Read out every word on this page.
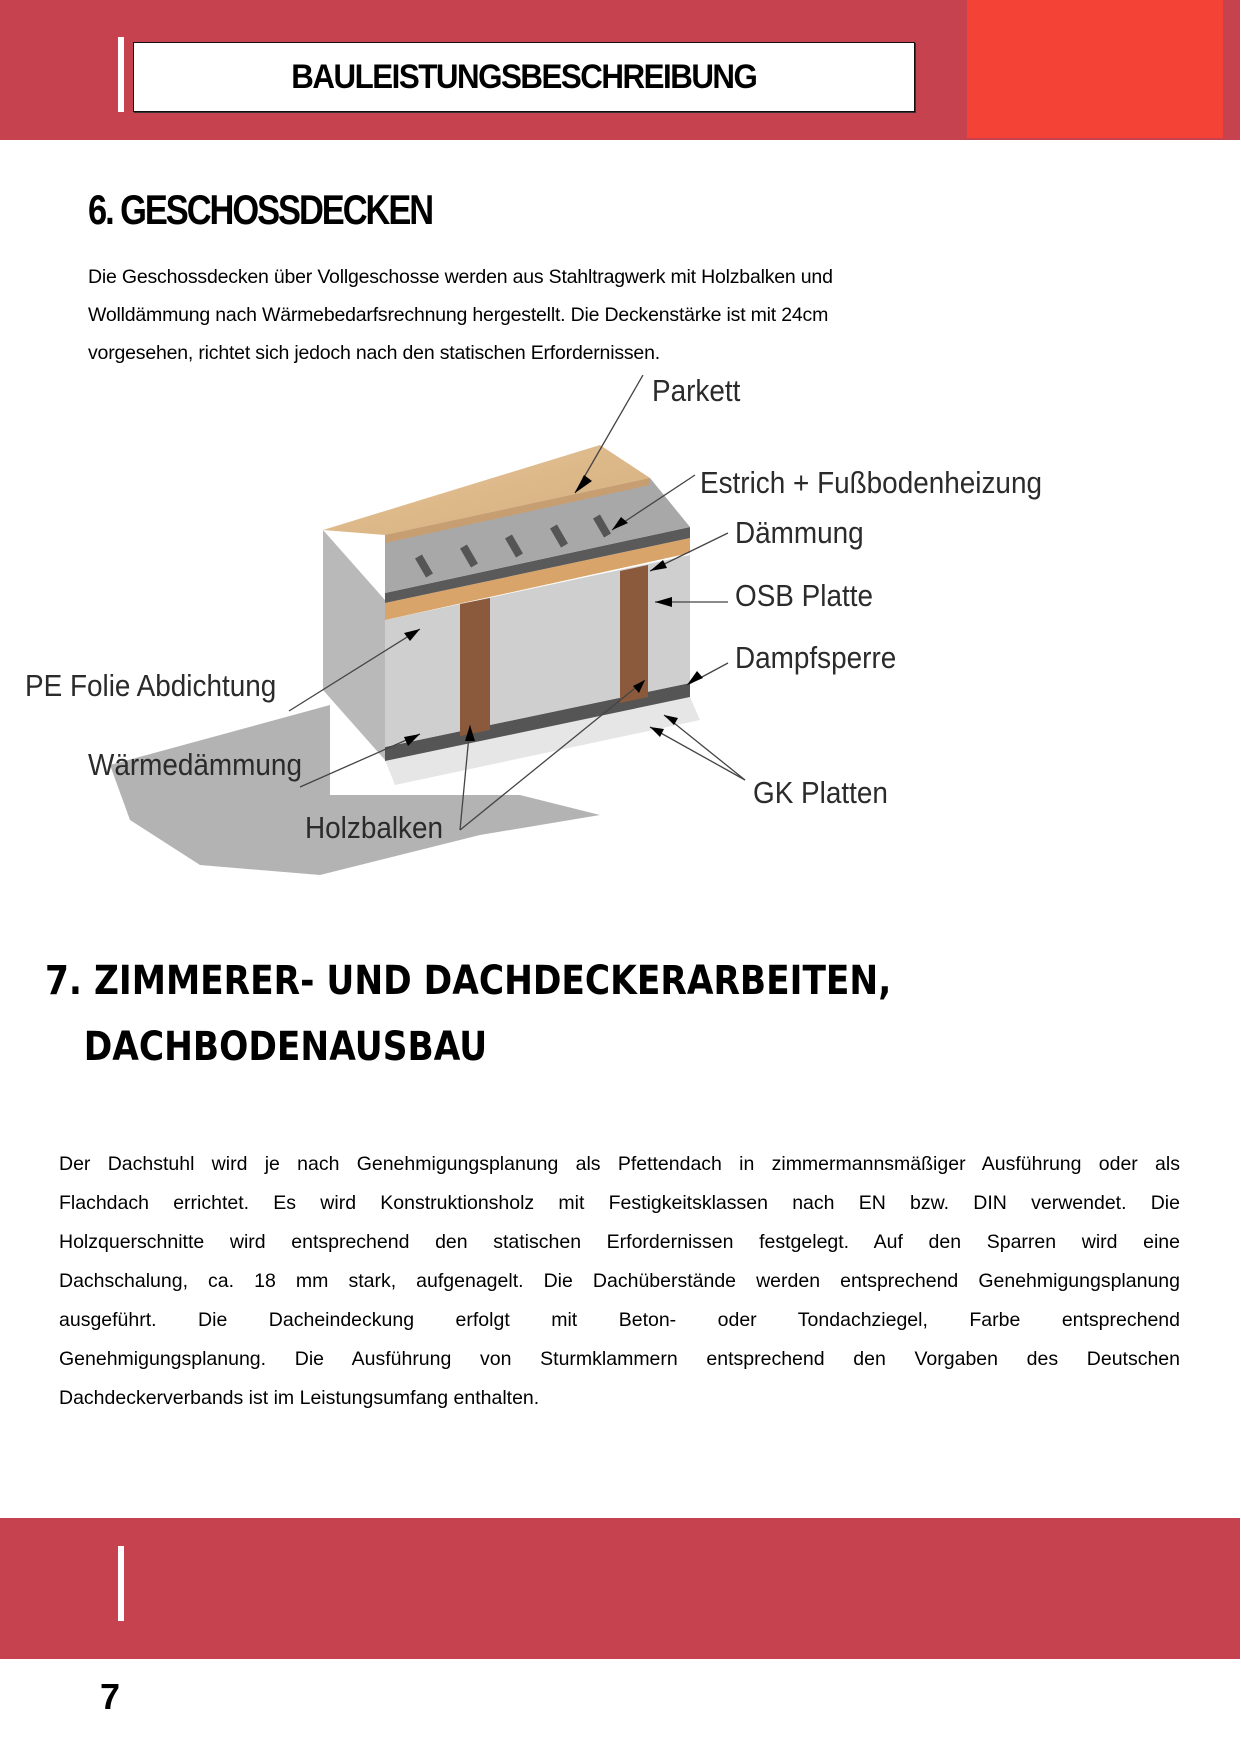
BAULEISTUNGSBESCHREIBUNG
6. GESCHOSSDECKEN
Die Geschossdecken über Vollgeschosse werden aus Stahltragwerk mit Holzbalken und
Wolldämmung nach Wärmebedarfsrechnung hergestellt. Die Deckenstärke ist mit 24cm
vorgesehen, richtet sich jedoch nach den statischen Erfordernissen.
Parkett
Estrich + Fußbodenheizung
Dämmung
OSB Platte
Dampfsperre
PE Folie Abdichtung
Wärmedämmung
Holzbalken
GK Platten
7. ZIMMERER- UND DACHDECKERARBEITEN,
DACHBODENAUSBAU
Der Dachstuhl wird je nach Genehmigungsplanung als Pfettendach in zimmermannsmäßiger Ausführung oder als
Flachdach errichtet. Es wird Konstruktionsholz mit Festigkeitsklassen nach EN bzw. DIN verwendet. Die
Holzquerschnitte wird entsprechend den statischen Erfordernissen festgelegt. Auf den Sparren wird eine
Dachschalung, ca. 18 mm stark, aufgenagelt. Die Dachüberstände werden entsprechend Genehmigungsplanung
ausgeführt. Die Dacheindeckung erfolgt mit Beton- oder Tondachziegel, Farbe entsprechend
Genehmigungsplanung. Die Ausführung von Sturmklammern entsprechend den Vorgaben des Deutschen
Dachdeckerverbands ist im Leistungsumfang enthalten.
7
